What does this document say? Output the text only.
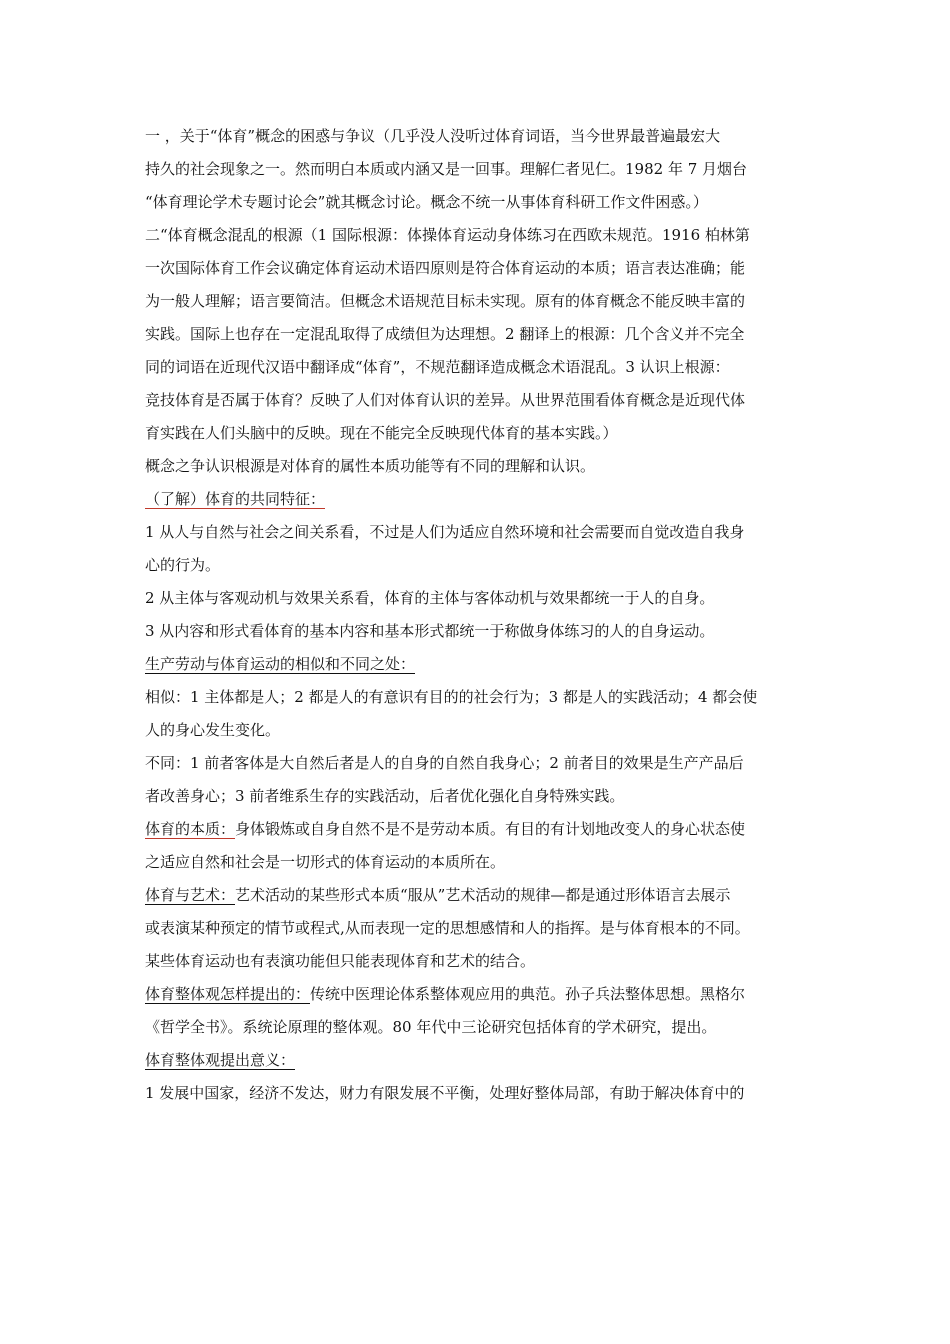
一 ，关于“体育”概念的困惑与争议（几乎没人没听过体育词语，当今世界最普遍最宏大
持久的社会现象之一。然而明白本质或内涵又是一回事。理解仁者见仁。1982 年 7 月烟台
“体育理论学术专题讨论会”就其概念讨论。概念不统一从事体育科研工作文件困惑。）
二“体育概念混乱的根源（1 国际根源：体操体育运动身体练习在西欧未规范。1916 柏林第
一次国际体育工作会议确定体育运动术语四原则是符合体育运动的本质；语言表达准确；能
为一般人理解；语言要简洁。但概念术语规范目标未实现。原有的体育概念不能反映丰富的
实践。国际上也存在一定混乱取得了成绩但为达理想。2 翻译上的根源：几个含义并不完全
同的词语在近现代汉语中翻译成“体育”，不规范翻译造成概念术语混乱。3 认识上根源：
竞技体育是否属于体育？反映了人们对体育认识的差异。从世界范围看体育概念是近现代体
育实践在人们头脑中的反映。现在不能完全反映现代体育的基本实践。）
概念之争认识根源是对体育的属性本质功能等有不同的理解和认识。
（了解）体育的共同特征：
1 从人与自然与社会之间关系看，不过是人们为适应自然环境和社会需要而自觉改造自我身
心的行为。
2 从主体与客观动机与效果关系看，体育的主体与客体动机与效果都统一于人的自身。
3 从内容和形式看体育的基本内容和基本形式都统一于称做身体练习的人的自身运动。
生产劳动与体育运动的相似和不同之处：
相似：1 主体都是人；2 都是人的有意识有目的的社会行为；3 都是人的实践活动；4 都会使
人的身心发生变化。
不同：1 前者客体是大自然后者是人的自身的自然自我身心；2 前者目的效果是生产产品后
者改善身心；3 前者维系生存的实践活动，后者优化强化自身特殊实践。
体育的本质：身体锻炼或自身自然不是不是劳动本质。有目的有计划地改变人的身心状态使
之适应自然和社会是一切形式的体育运动的本质所在。
体育与艺术：艺术活动的某些形式本质“服从”艺术活动的规律—都是通过形体语言去展示
或表演某种预定的情节或程式,从而表现一定的思想感情和人的指挥。是与体育根本的不同。
某些体育运动也有表演功能但只能表现体育和艺术的结合。
体育整体观怎样提出的：传统中医理论体系整体观应用的典范。孙子兵法整体思想。黑格尔
《哲学全书》。系统论原理的整体观。80 年代中三论研究包括体育的学术研究，提出。
体育整体观提出意义：
1 发展中国家，经济不发达，财力有限发展不平衡，处理好整体局部，有助于解决体育中的
